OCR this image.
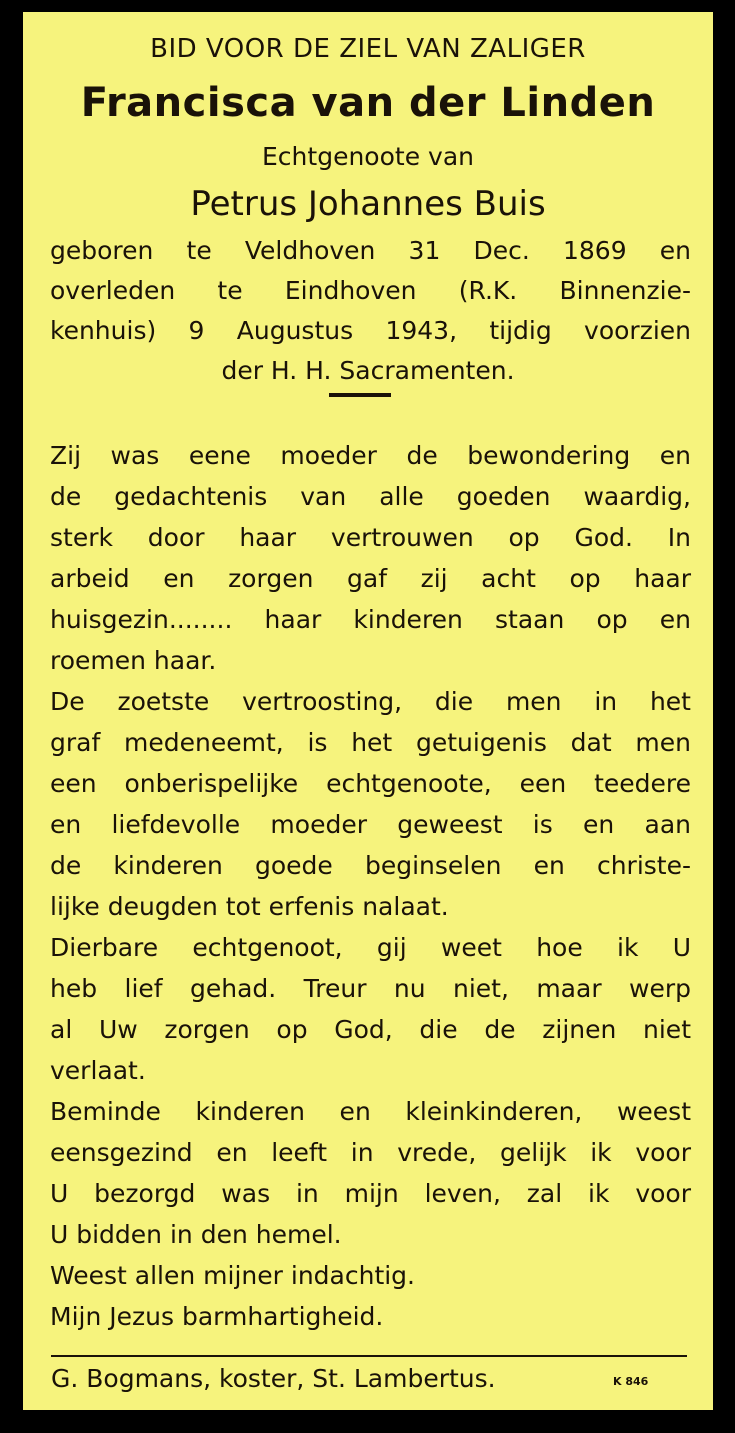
BID VOOR DE ZIEL VAN ZALIGER
Francisca van der Linden
Echtgenoote van
Petrus Johannes Buis
geboren te Veldhoven 31 Dec. 1869 en
overleden te Eindhoven (R.K. Binnenzie-
kenhuis) 9 Augustus 1943, tijdig voorzien
der H. H. Sacramenten.
Zij was eene moeder de bewondering en
de gedachtenis van alle goeden waardig,
sterk door haar vertrouwen op God. In
arbeid en zorgen gaf zij acht op haar
huisgezin........ haar kinderen staan op en
roemen haar.
De zoetste vertroosting, die men in het
graf medeneemt, is het getuigenis dat men
een onberispelijke echtgenoote, een teedere
en liefdevolle moeder geweest is en aan
de kinderen goede beginselen en christe-
lijke deugden tot erfenis nalaat.
Dierbare echtgenoot, gij weet hoe ik U
heb lief gehad. Treur nu niet, maar werp
al Uw zorgen op God, die de zijnen niet
verlaat.
Beminde kinderen en kleinkinderen, weest
eensgezind en leeft in vrede, gelijk ik voor
U bezorgd was in mijn leven, zal ik voor
U bidden in den hemel.
Weest allen mijner indachtig.
Mijn Jezus barmhartigheid.
G. Bogmans, koster, St. Lambertus.	K 846
